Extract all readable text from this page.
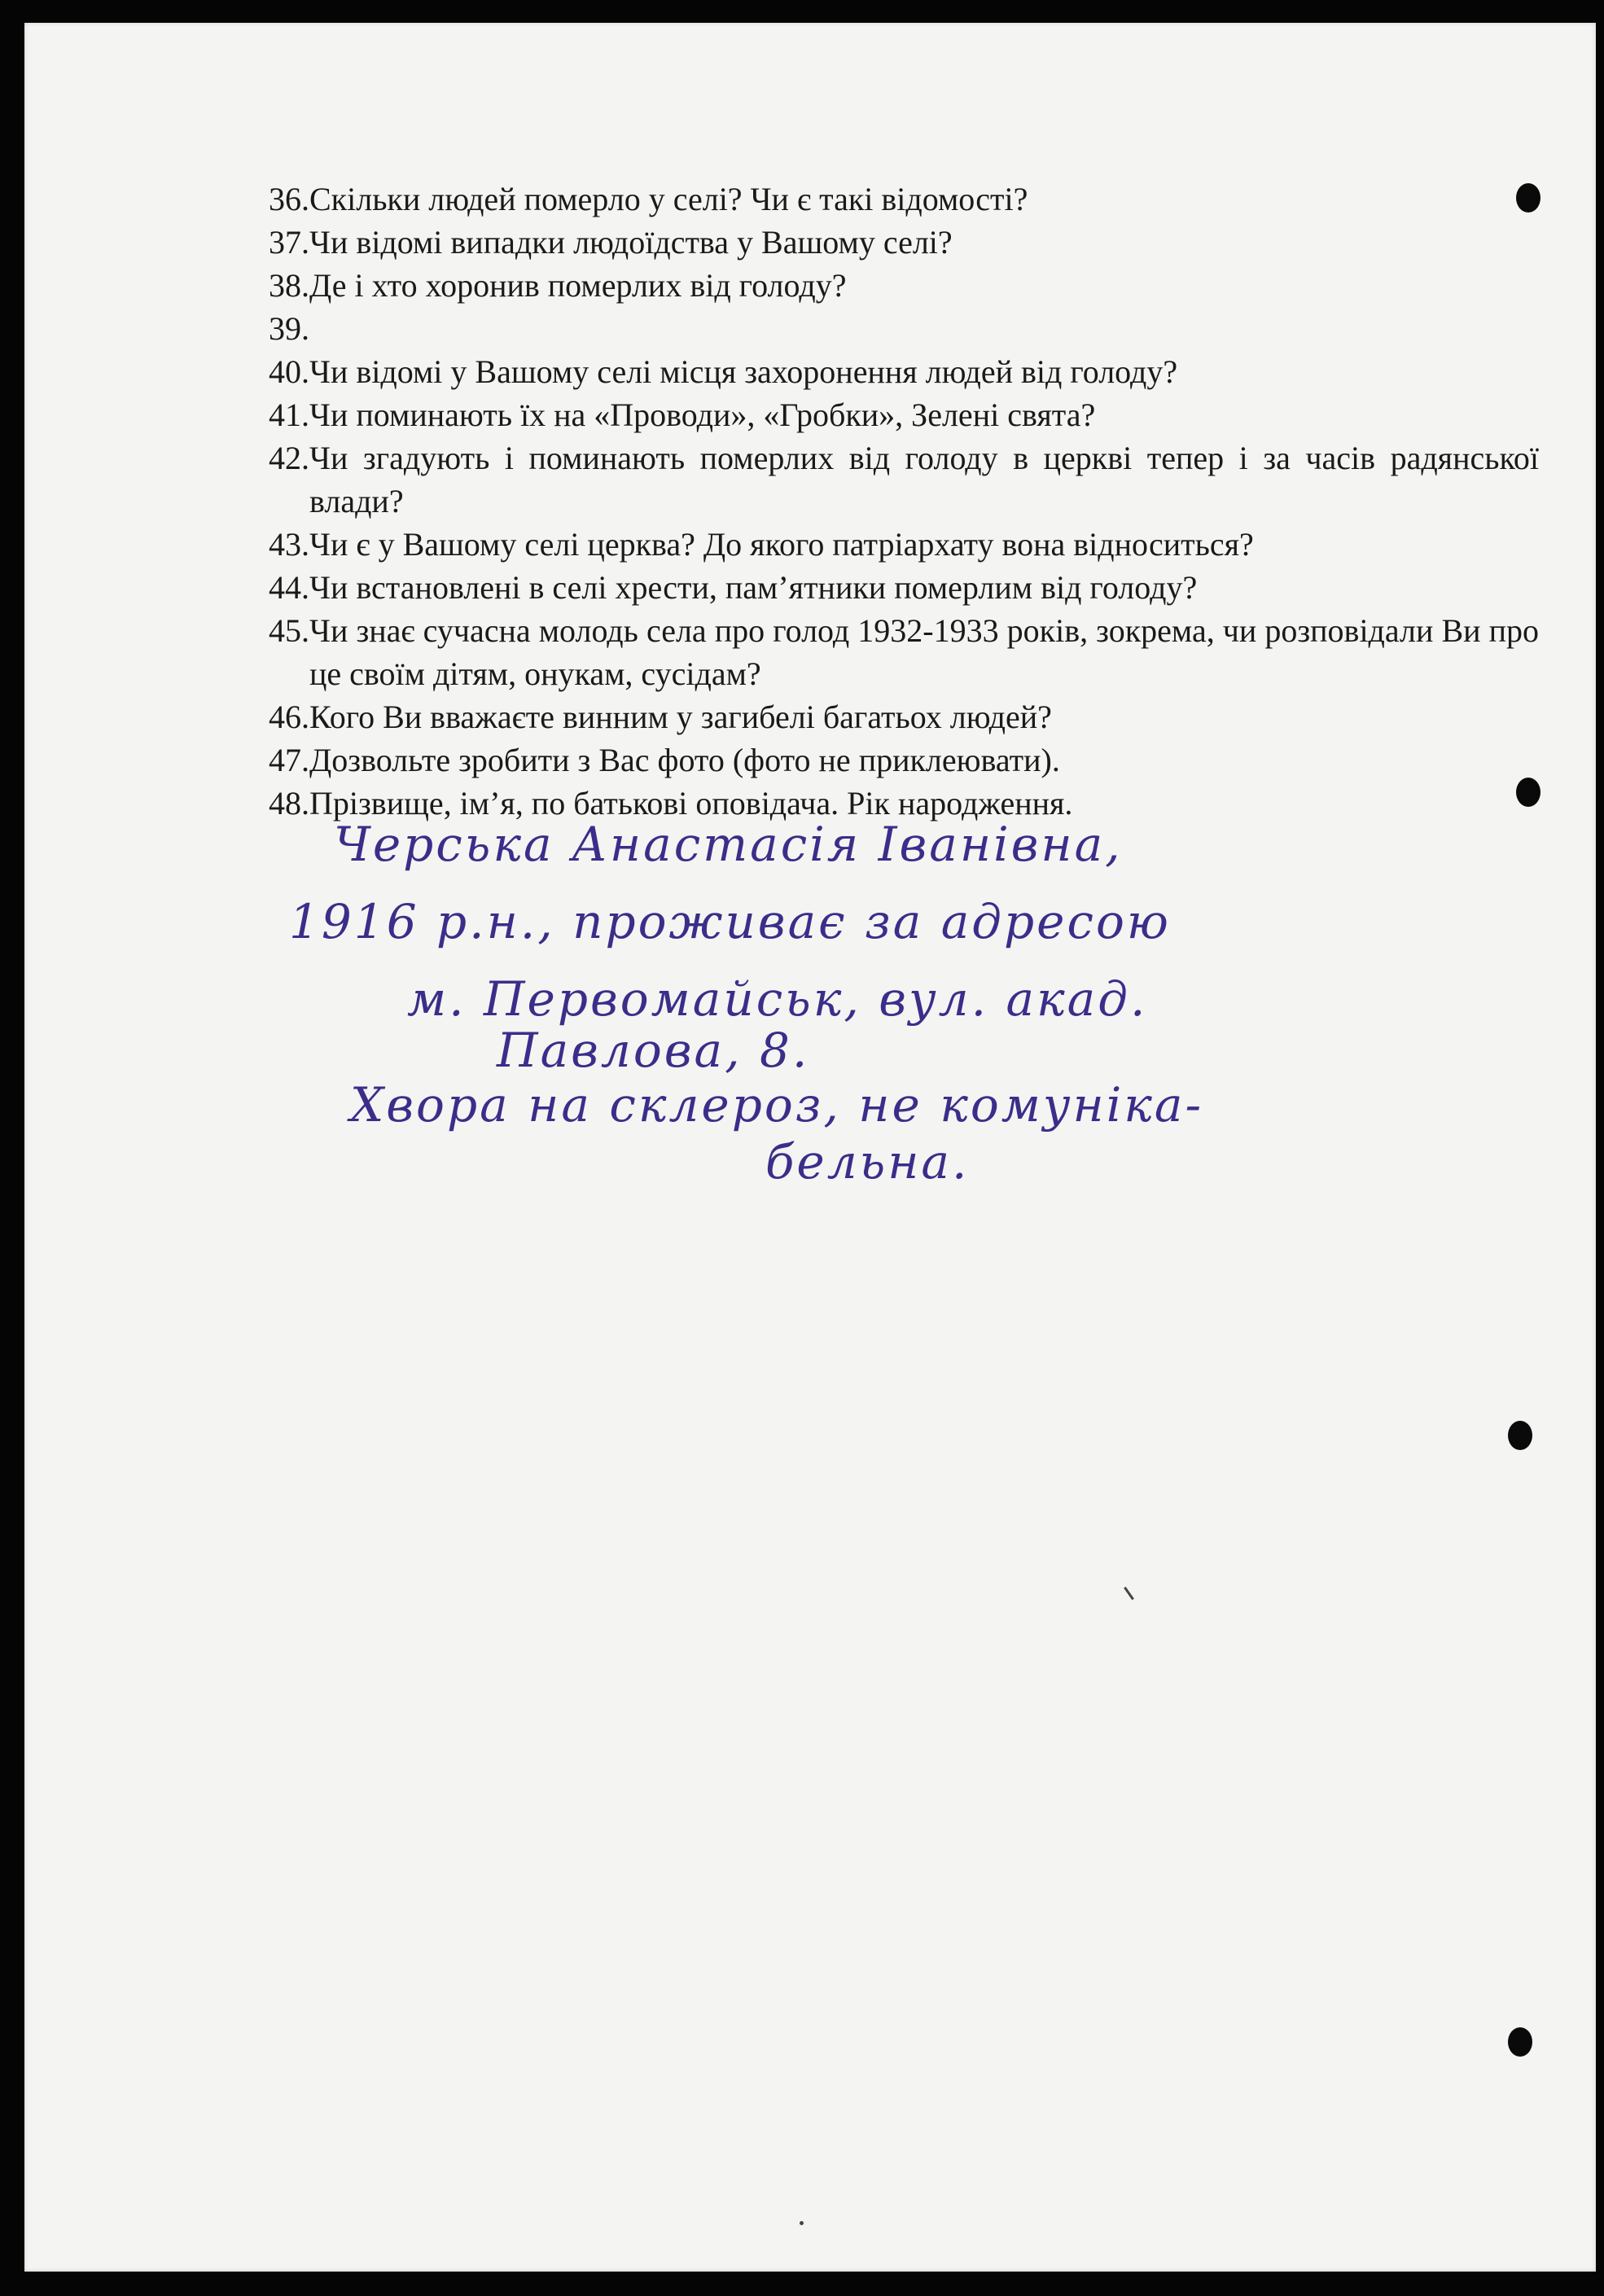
36. Скільки людей померло у селі? Чи є такі відомості?
37. Чи відомі випадки людоїдства у Вашому селі?
38. Де і хто хоронив померлих від голоду?
39.
40. Чи відомі у Вашому селі місця захоронення людей від голоду?
41. Чи поминають їх на «Проводи», «Гробки», Зелені свята?
42. Чи згадують і поминають померлих від голоду в церкві тепер і за часів радянської влади?
43. Чи є у Вашому селі церква? До якого патріархату вона відноситься?
44. Чи встановлені в селі хрести, пам’ятники померлим від голоду?
45. Чи знає сучасна молодь села про голод 1932-1933 років, зокрема, чи розповідали Ви про це своїм дітям, онукам, сусідам?
46. Кого Ви вважаєте винним у загибелі багатьох людей?
47. Дозвольте зробити з Вас фото (фото не приклеювати).
48. Прізвище, ім’я, по батькові оповідача. Рік народження.
Черська Анастасія Іванівна,
1916 р.н., проживає за адресою
м. Первомайськ, вул. акад.
Павлова, 8.
Хвора на склероз, не комуніка-
бельна.
